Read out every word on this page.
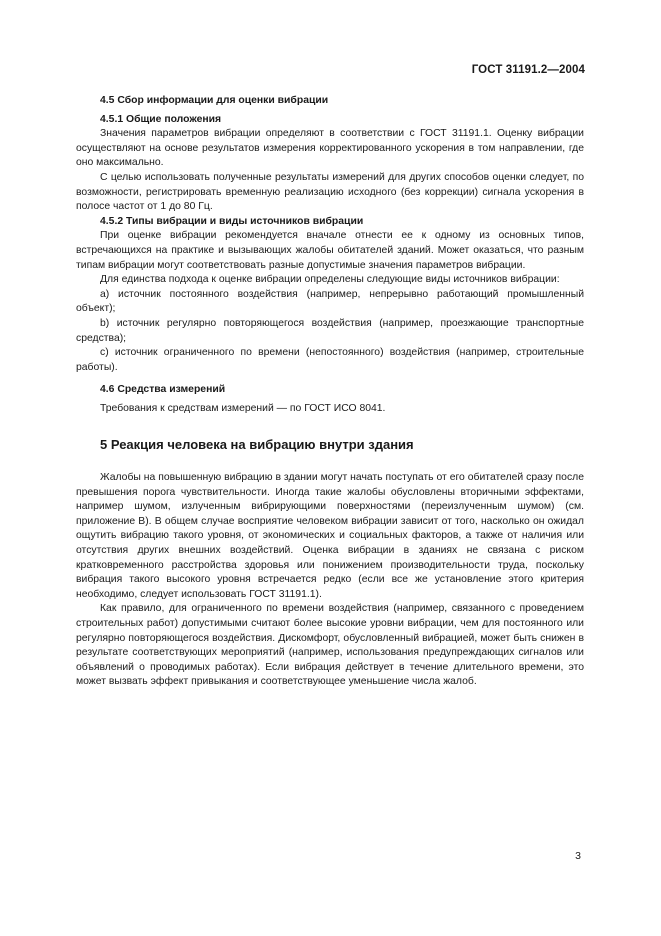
ГОСТ 31191.2—2004
4.5 Сбор информации для оценки вибрации
4.5.1 Общие положения

Значения параметров вибрации определяют в соответствии с ГОСТ 31191.1. Оценку вибрации осуществляют на основе результатов измерения корректированного ускорения в том направлении, где оно максимально.

С целью использовать полученные результаты измерений для других способов оценки следует, по возможности, регистрировать временную реализацию исходного (без коррекции) сигнала ускорения в полосе частот от 1 до 80 Гц.

4.5.2 Типы вибрации и виды источников вибрации

При оценке вибрации рекомендуется вначале отнести ее к одному из основных типов, встречающихся на практике и вызывающих жалобы обитателей зданий. Может оказаться, что разным типам вибрации могут соответствовать разные допустимые значения параметров вибрации.

Для единства подхода к оценке вибрации определены следующие виды источников вибрации:

a) источник постоянного воздействия (например, непрерывно работающий промышленный объект);

b) источник регулярно повторяющегося воздействия (например, проезжающие транспортные средства);

c) источник ограниченного по времени (непостоянного) воздействия (например, строительные работы).

4.6 Средства измерений

Требования к средствам измерений — по ГОСТ ИСО 8041.

5 Реакция человека на вибрацию внутри здания

Жалобы на повышенную вибрацию в здании могут начать поступать от его обитателей сразу после превышения порога чувствительности. Иногда такие жалобы обусловлены вторичными эффектами, например шумом, излученным вибрирующими поверхностями (переизлученным шумом) (см. приложение В). В общем случае восприятие человеком вибрации зависит от того, насколько он ожидал ощутить вибрацию такого уровня, от экономических и социальных факторов, а также от наличия или отсутствия других внешних воздействий. Оценка вибрации в зданиях не связана с риском кратковременного расстройства здоровья или понижением производительности труда, поскольку вибрация такого высокого уровня встречается редко (если все же установление этого критерия необходимо, следует использовать ГОСТ 31191.1).

Как правило, для ограниченного по времени воздействия (например, связанного с проведением строительных работ) допустимыми считают более высокие уровни вибрации, чем для постоянного или регулярно повторяющегося воздействия. Дискомфорт, обусловленный вибрацией, может быть снижен в результате соответствующих мероприятий (например, использования предупреждающих сигналов или объявлений о проводимых работах). Если вибрация действует в течение длительного времени, это может вызвать эффект привыкания и соответствующее уменьшение числа жалоб.

3
